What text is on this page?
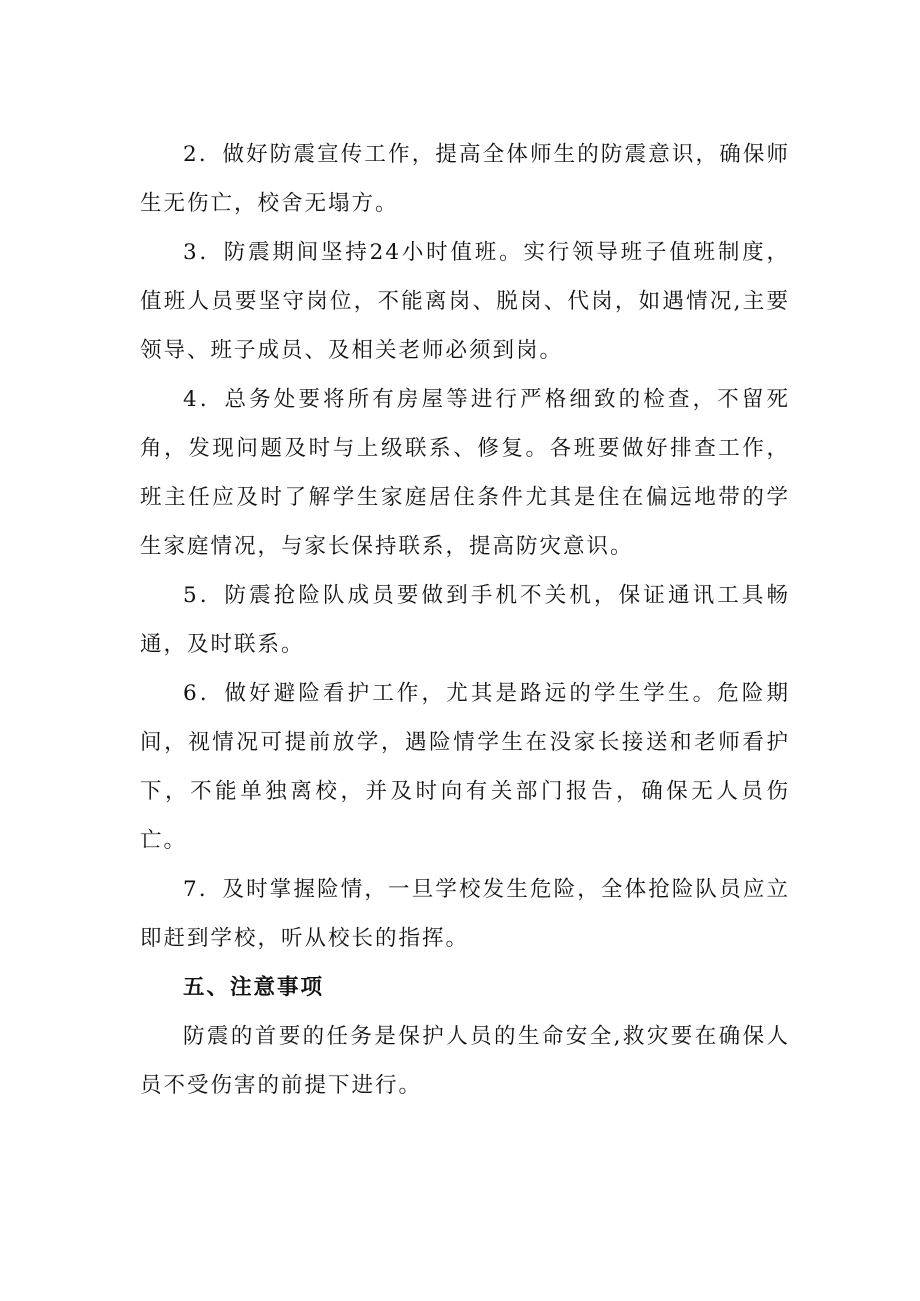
2．做好防震宣传工作，提高全体师生的防震意识，确保师生无伤亡，校舍无塌方。

3．防震期间坚持24小时值班。实行领导班子值班制度，值班人员要坚守岗位，不能离岗、脱岗、代岗，如遇情况,主要领导、班子成员、及相关老师必须到岗。

4．总务处要将所有房屋等进行严格细致的检查，不留死角，发现问题及时与上级联系、修复。各班要做好排查工作，班主任应及时了解学生家庭居住条件尤其是住在偏远地带的学生家庭情况，与家长保持联系，提高防灾意识。

5．防震抢险队成员要做到手机不关机，保证通讯工具畅通，及时联系。

6．做好避险看护工作，尤其是路远的学生学生。危险期间，视情况可提前放学，遇险情学生在没家长接送和老师看护下，不能单独离校，并及时向有关部门报告，确保无人员伤亡。

7．及时掌握险情，一旦学校发生危险，全体抢险队员应立即赶到学校，听从校长的指挥。

五、注意事项

防震的首要的任务是保护人员的生命安全,救灾要在确保人员不受伤害的前提下进行。
